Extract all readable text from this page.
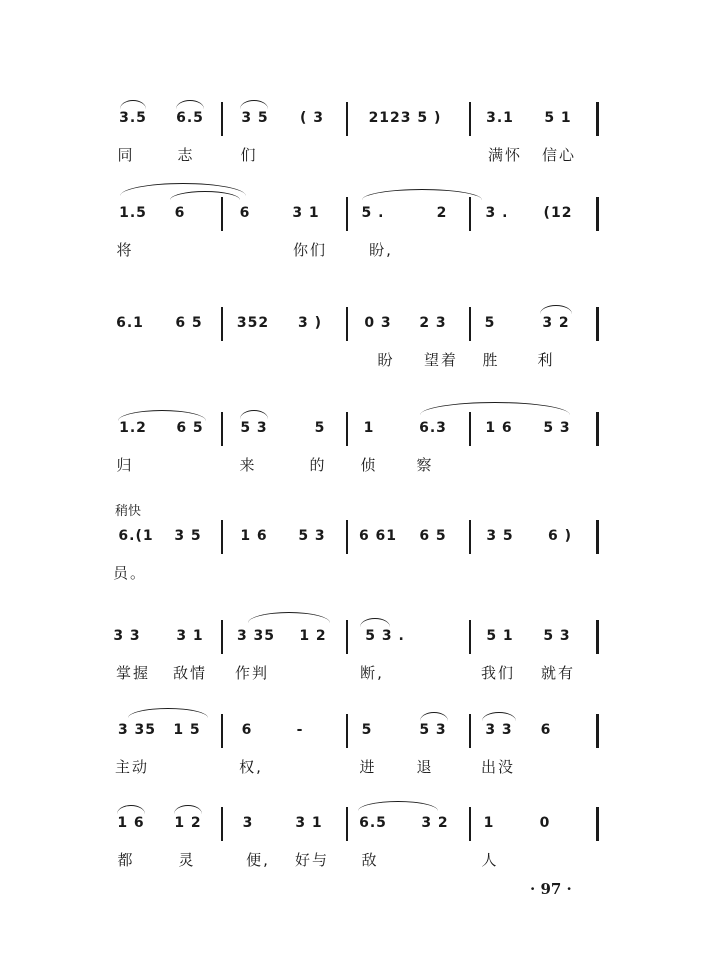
3.5 6.5	3 5 ( 3	2123 5 )	3.1 5 1
同	志	们	满怀 信心
1.5 6	6	3 1	5 .	2	3 .	(12
将	你们	盼,
6.1 6 5 352 3 )	0 3 2 3	5	3 2
盼 望着 胜	利
1.2 6 5	5 3	5	1	6.3	1 6 5 3
归	来	的 侦	察
稍快
6.(1 3 5	1 6 5 3 6 61 6 5	3 5 6 )
员。
3 3	3 1 3 35 1 2	5 3 .	5 1 5 3
掌握 敌情 作判	断,	我们 就有
3 35 1 5	6	-	5	5 3	3 3 6
主动	权,	进	退	出没
1 6 1 2	3	3 1	6.5 3 2 1	0
都	灵	便, 好与 敌	人
· 97 ·
